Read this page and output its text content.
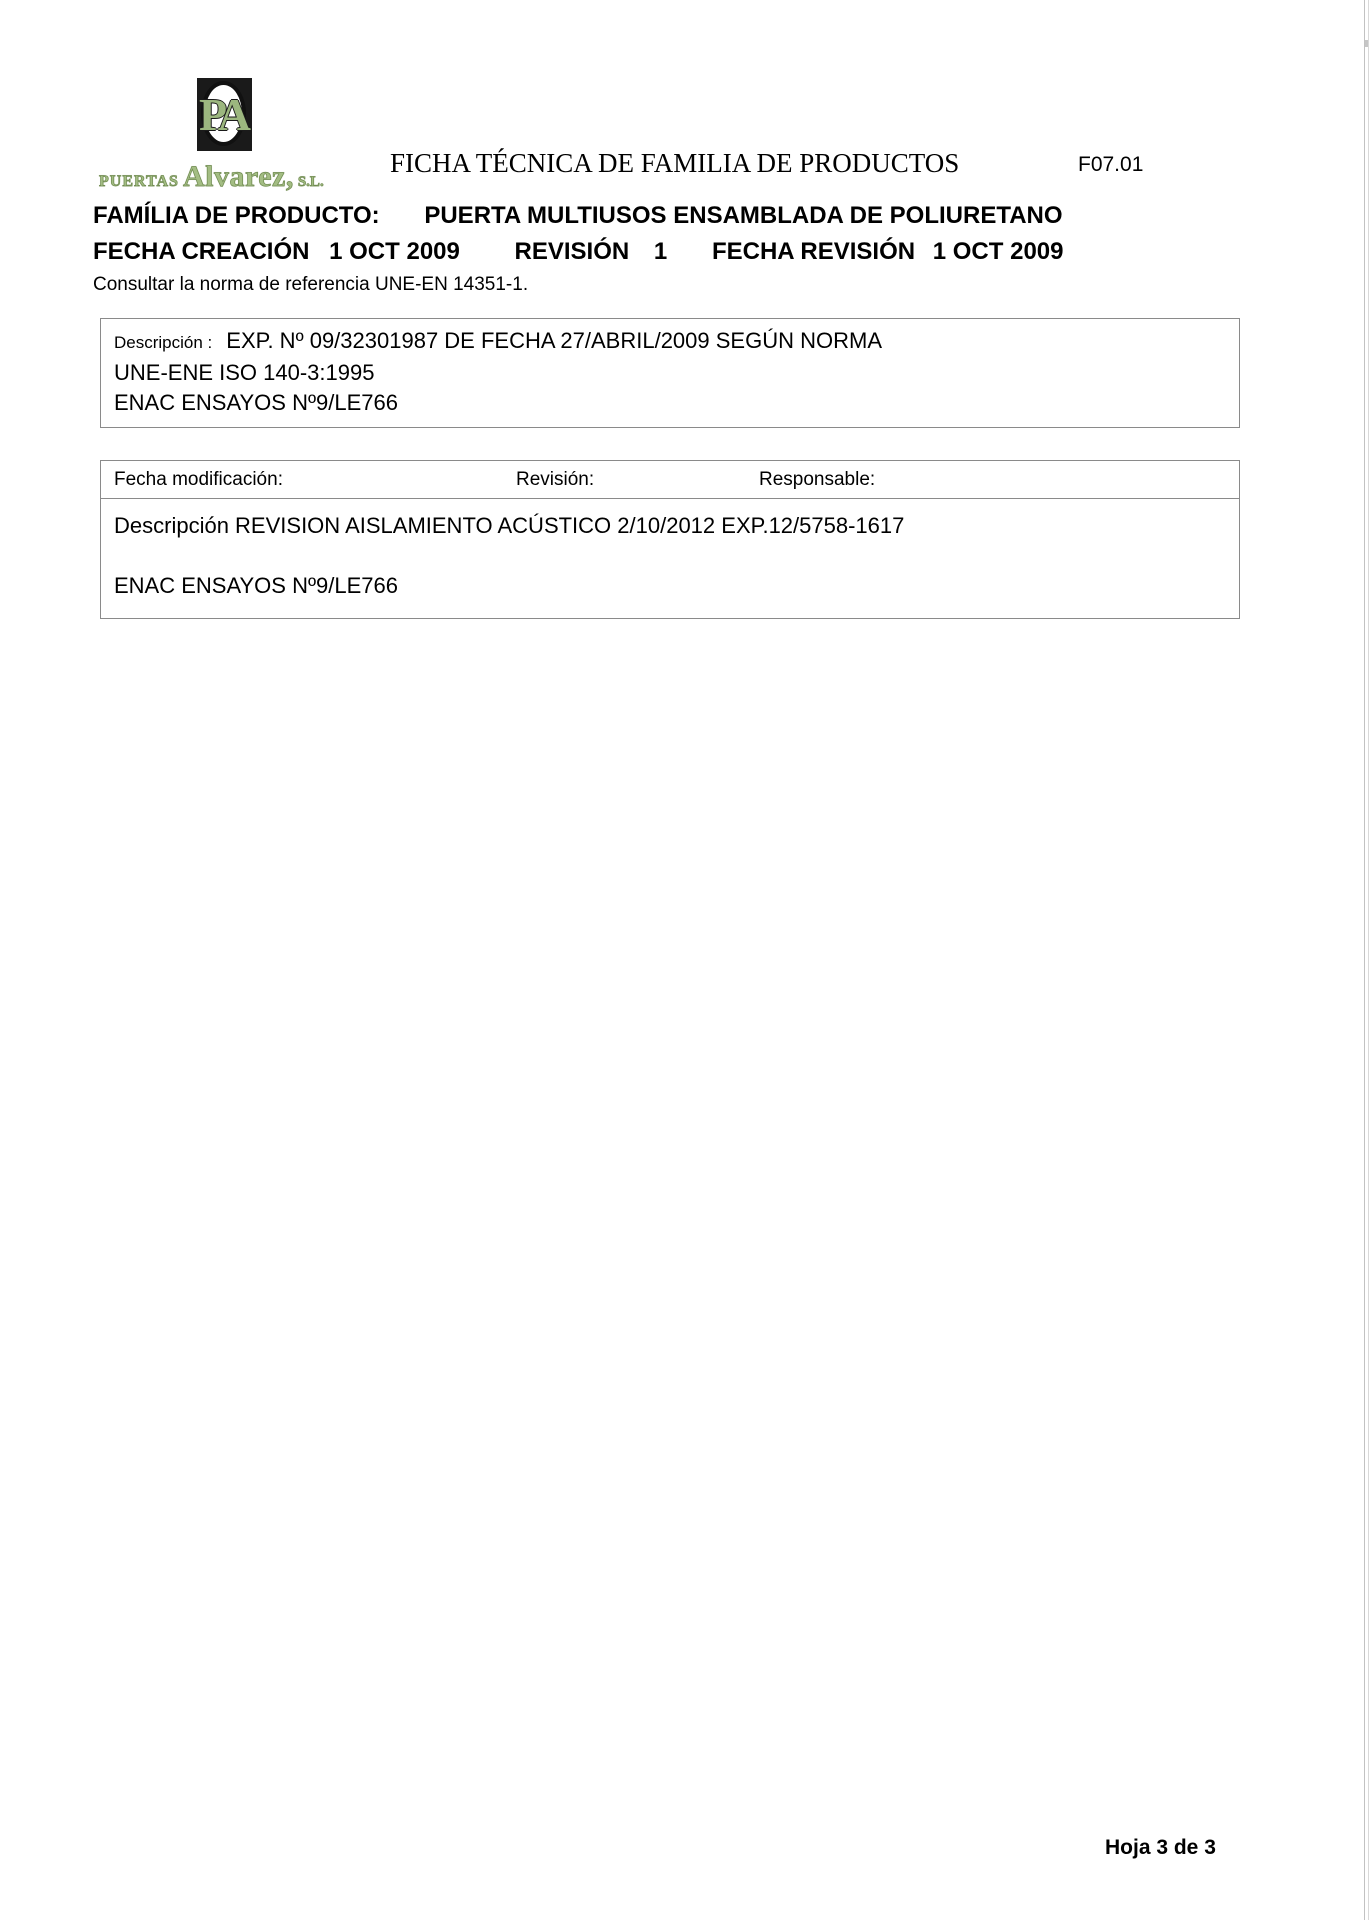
PA
PUERTAS Alvarez, S.L.
FICHA TÉCNICA DE FAMILIA DE PRODUCTOS	F07.01
FAMÍLIA DE PRODUCTO: PUERTA MULTIUSOS ENSAMBLADA DE POLIURETANO
FECHA CREACIÓN 1 OCT 2009 REVISIÓN 1 FECHA REVISIÓN 1 OCT 2009
Consultar la norma de referencia UNE-EN 14351-1.
Descripción : EXP. Nº 09/32301987 DE FECHA 27/ABRIL/2009 SEGÚN NORMA
UNE-ENE ISO 140-3:1995
ENAC ENSAYOS Nº9/LE766
Fecha modificación:	Revisión:	Responsable:
Descripción REVISION AISLAMIENTO ACÚSTICO 2/10/2012 EXP.12/5758-1617
ENAC ENSAYOS Nº9/LE766
Hoja 3 de 3
